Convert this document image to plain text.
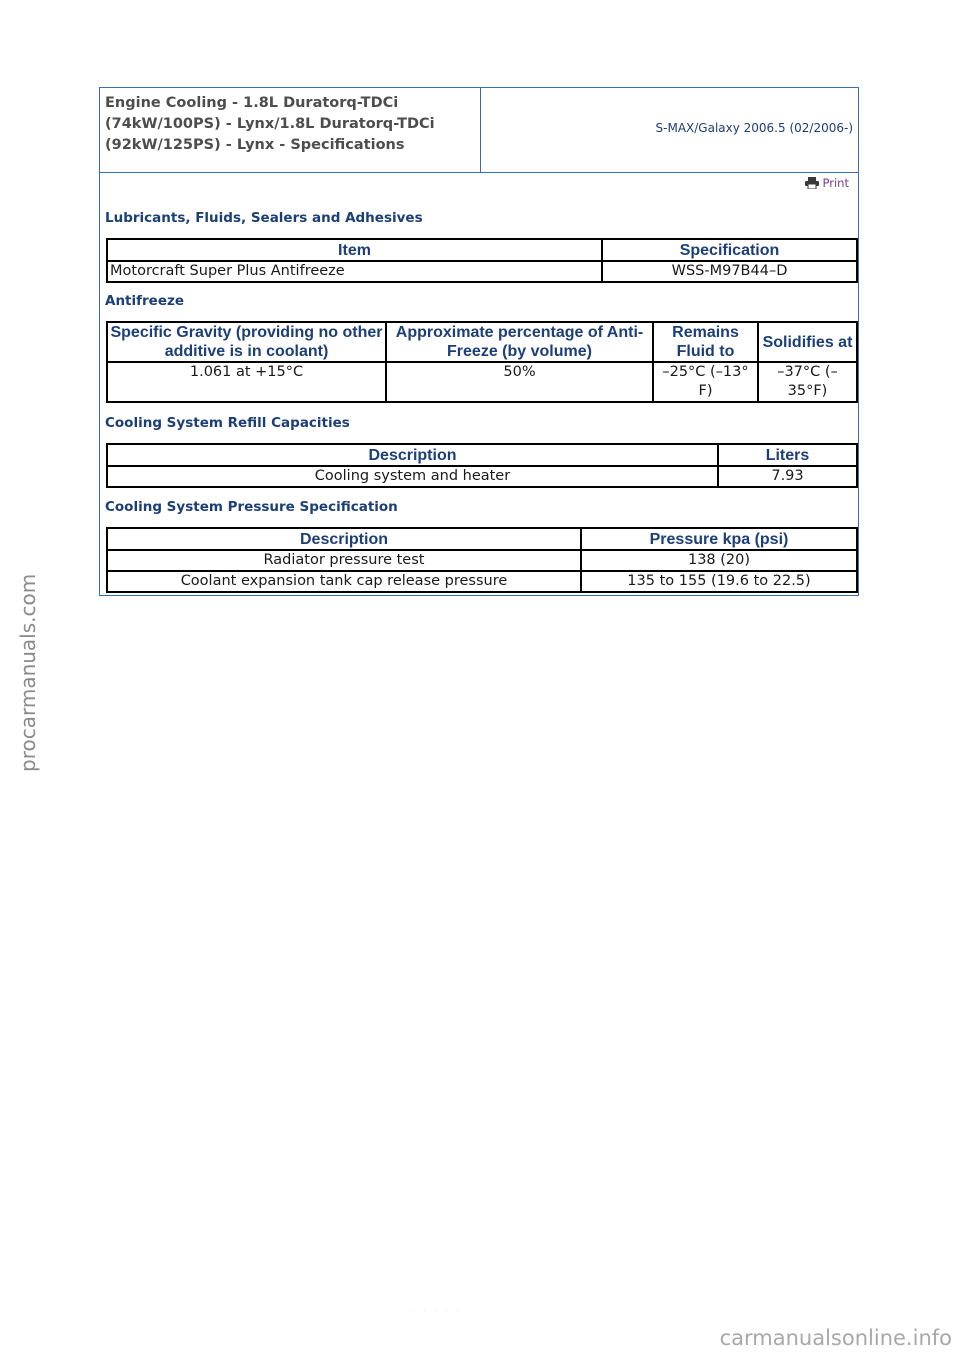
Engine Cooling - 1.8L Duratorq-TDCi (74kW/100PS) - Lynx/1.8L Duratorq-TDCi (92kW/125PS) - Lynx - Specifications
S-MAX/Galaxy 2006.5 (02/2006-)
Print
Lubricants, Fluids, Sealers and Adhesives
Item	Specification
Motorcraft Super Plus Antifreeze	WSS-M97B44–D
Antifreeze
Specific Gravity (providing no other additive is in coolant)	Approximate percentage of Anti-Freeze (by volume)	Remains Fluid to	Solidifies at
1.061 at +15°C	50%	–25°C (–13° F)	–37°C (– 35°F)
Cooling System Refill Capacities
Description	Liters
Cooling system and heater	7.93
Cooling System Pressure Specification
Description	Pressure kpa (psi)
Radiator pressure test	138 (20)
Coolant expansion tank cap release pressure	135 to 155 (19.6 to 22.5)
procarmanuals.com
· · · · ·
carmanualsonline.info
